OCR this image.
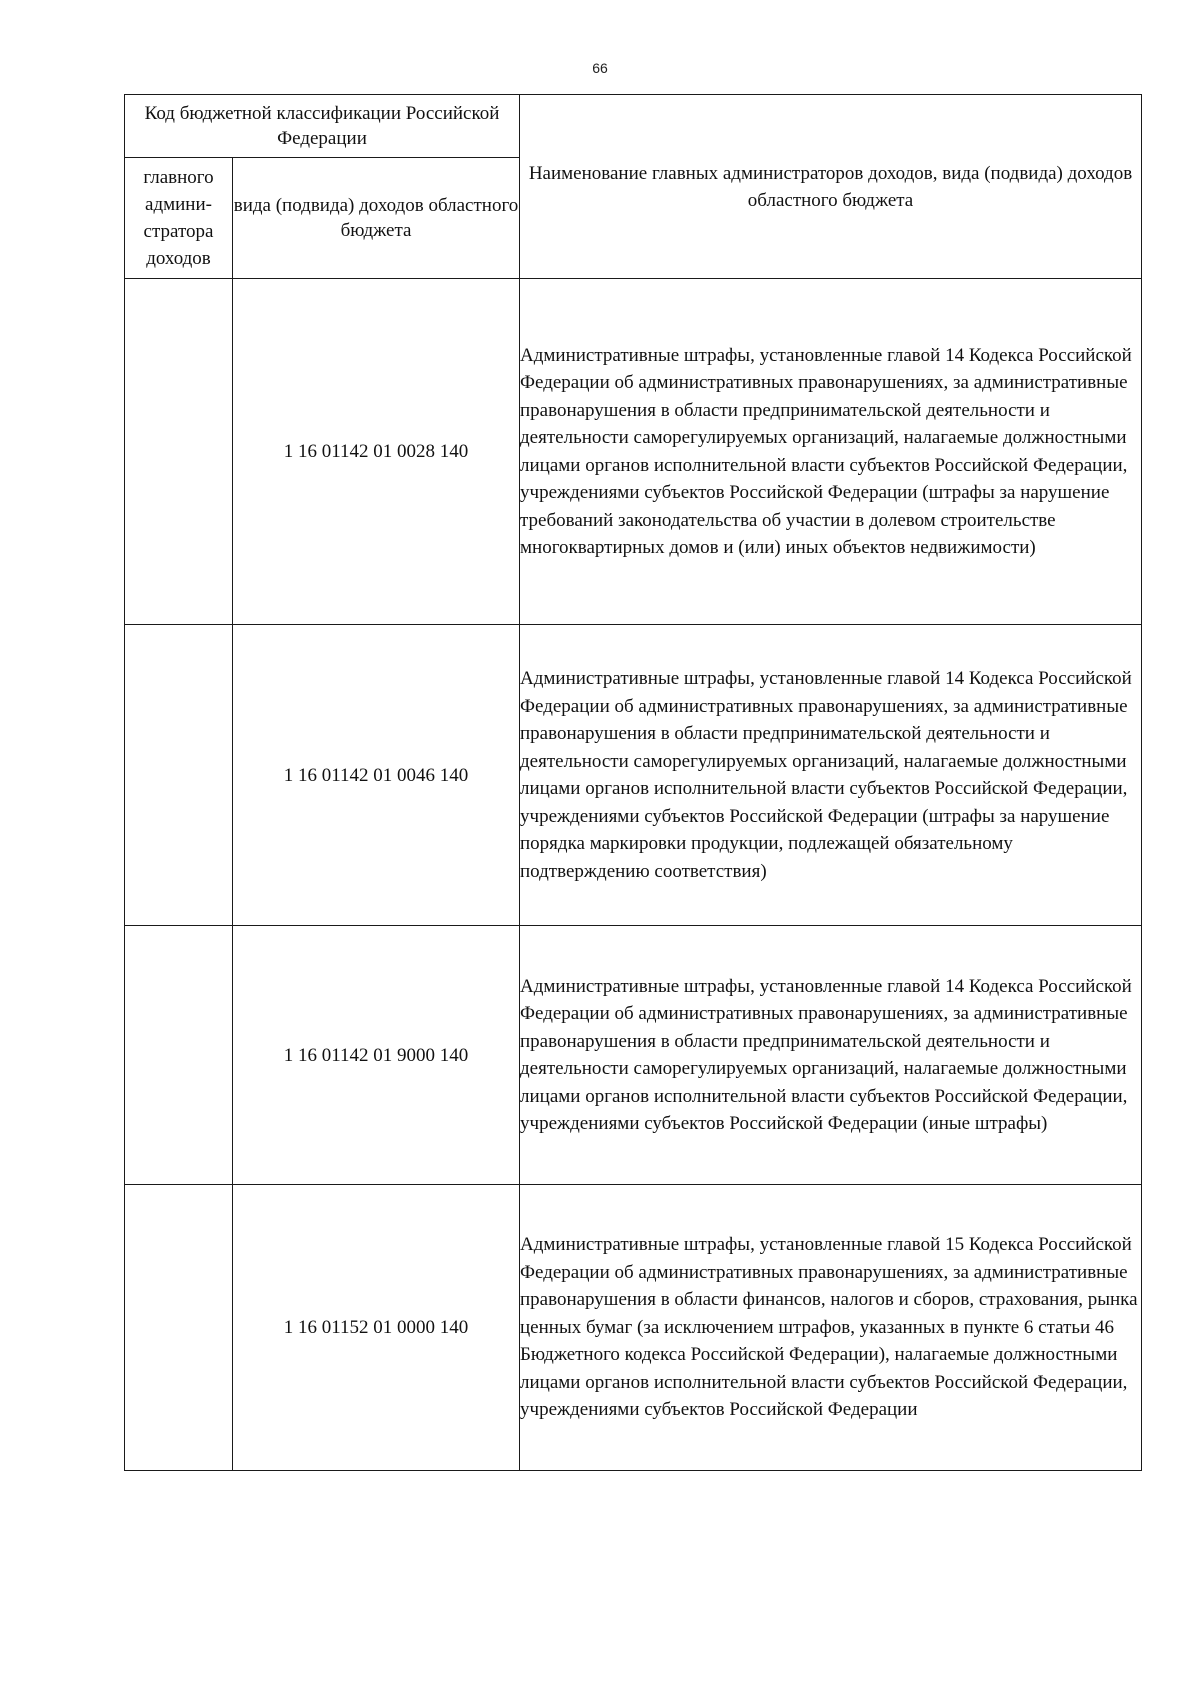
66
Код бюджетной классификации Российской Федерации		Наименование главных администраторов доходов, вида (подвида) доходов областного бюджета
главного админи-стратора доходов	вида (подвида) доходов областного бюджета	
	1 16 01142 01 0028 140	Административные штрафы, установленные главой 14 Кодекса Российской Федерации об административных правонарушениях, за административные правонарушения в области предпринимательской деятельности и деятельности саморегулируемых организаций, налагаемые должностными лицами органов исполнительной власти субъектов Российской Федерации, учреждениями субъектов Российской Федерации (штрафы за нарушение требований законодательства об участии в долевом строительстве многоквартирных домов и (или) иных объектов недвижимости)
	1 16 01142 01 0046 140	Административные штрафы, установленные главой 14 Кодекса Российской Федерации об административных правонарушениях, за административные правонарушения в области предпринимательской деятельности и деятельности саморегулируемых организаций, налагаемые должностными лицами органов исполнительной власти субъектов Российской Федерации, учреждениями субъектов Российской Федерации (штрафы за нарушение порядка маркировки продукции, подлежащей обязательному подтверждению соответствия)
	1 16 01142 01 9000 140	Административные штрафы, установленные главой 14 Кодекса Российской Федерации об административных правонарушениях, за административные правонарушения в области предпринимательской деятельности и деятельности саморегулируемых организаций, налагаемые должностными лицами органов исполнительной власти субъектов Российской Федерации, учреждениями субъектов Российской Федерации (иные штрафы)
	1 16 01152 01 0000 140	Административные штрафы, установленные главой 15 Кодекса Российской Федерации об административных правонарушениях, за административные правонарушения в области финансов, налогов и сборов, страхования, рынка ценных бумаг (за исключением штрафов, указанных в пункте 6 статьи 46 Бюджетного кодекса Российской Федерации), налагаемые должностными лицами органов исполнительной власти субъектов Российской Федерации, учреждениями субъектов Российской Федерации
